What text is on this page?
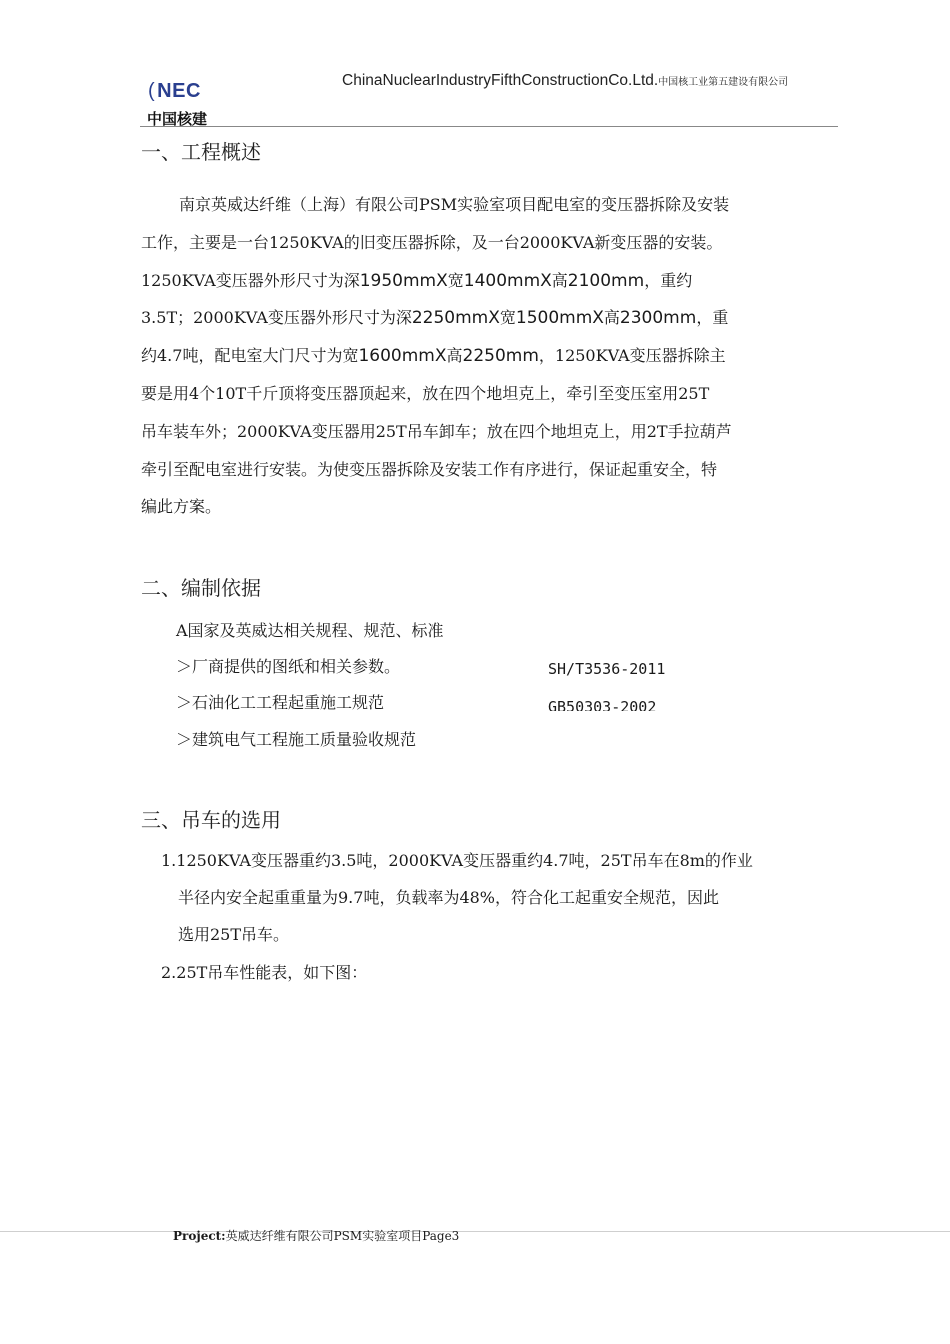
( NEC
中国核建
ChinaNuclearIndustryFifthConstructionCo.Ltd.中国核工业第五建设有限公司
一、工程概述
南京英威达纤维（上海）有限公司PSM实验室项目配电室的变压器拆除及安装
工作，主要是一台1250KVA的旧变压器拆除，及一台2000KVA新变压器的安装。
1250KVA变压器外形尺寸为深1950mmX宽1400mmX高2100mm，重约
3.5T；2000KVA变压器外形尺寸为深2250mmX宽1500mmX高2300mm，重
约4.7吨，配电室大门尺寸为宽1600mmX高2250mm，1250KVA变压器拆除主
要是用4个10T千斤顶将变压器顶起来，放在四个地坦克上，牵引至变压室用25T
吊车装车外；2000KVA变压器用25T吊车卸车；放在四个地坦克上，用2T手拉葫芦
牵引至配电室进行安装。为使变压器拆除及安装工作有序进行，保证起重安全，特
编此方案。
二、编制依据
A国家及英威达相关规程、规范、标准
＞厂商提供的图纸和相关参数。
＞石油化工工程起重施工规范
＞建筑电气工程施工质量验收规范
SH/T3536-2011
GB50303-2002
三、吊车的选用
1.1250KVA变压器重约3.5吨，2000KVA变压器重约4.7吨，25T吊车在8m的作业
半径内安全起重重量为9.7吨，负载率为48%，符合化工起重安全规范，因此
选用25T吊车。
2.25T吊车性能表，如下图：
Project:英威达纤维有限公司PSM实验室项目Page3
